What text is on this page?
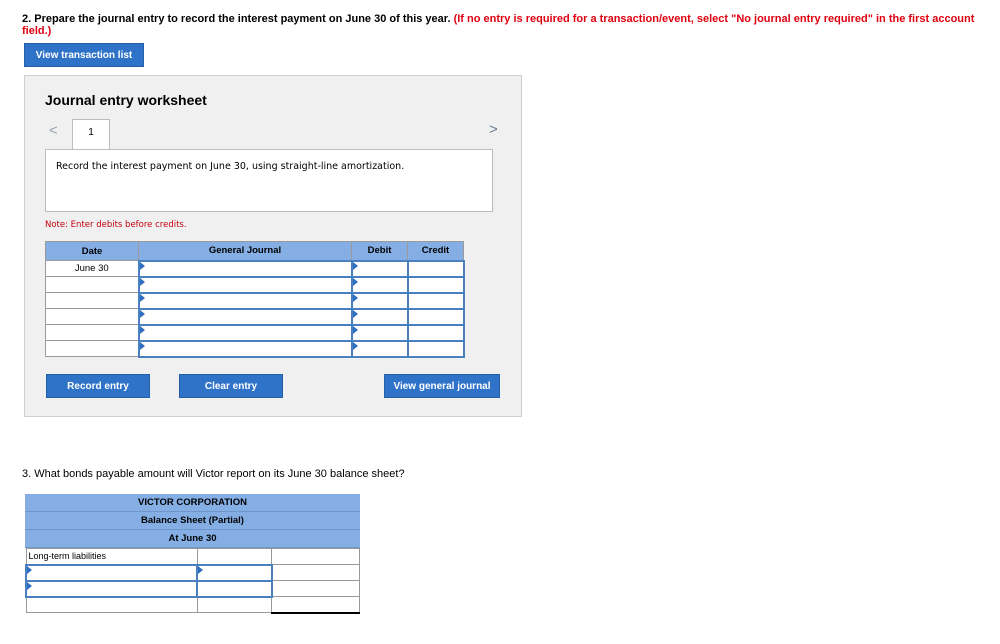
2. Prepare the journal entry to record the interest payment on June 30 of this year. (If no entry is required for a transaction/event, select "No journal entry required" in the first account field.)
View transaction list
Journal entry worksheet
<	1	>
Record the interest payment on June 30, using straight-line amortization.
Note: Enter debits before credits.
Date	General Journal	Debit	Credit
June 30	

Record entry	Clear entry	View general journal
3. What bonds payable amount will Victor report on its June 30 balance sheet?
VICTOR CORPORATION
Balance Sheet (Partial)
At June 30
Long-term liabilities		
